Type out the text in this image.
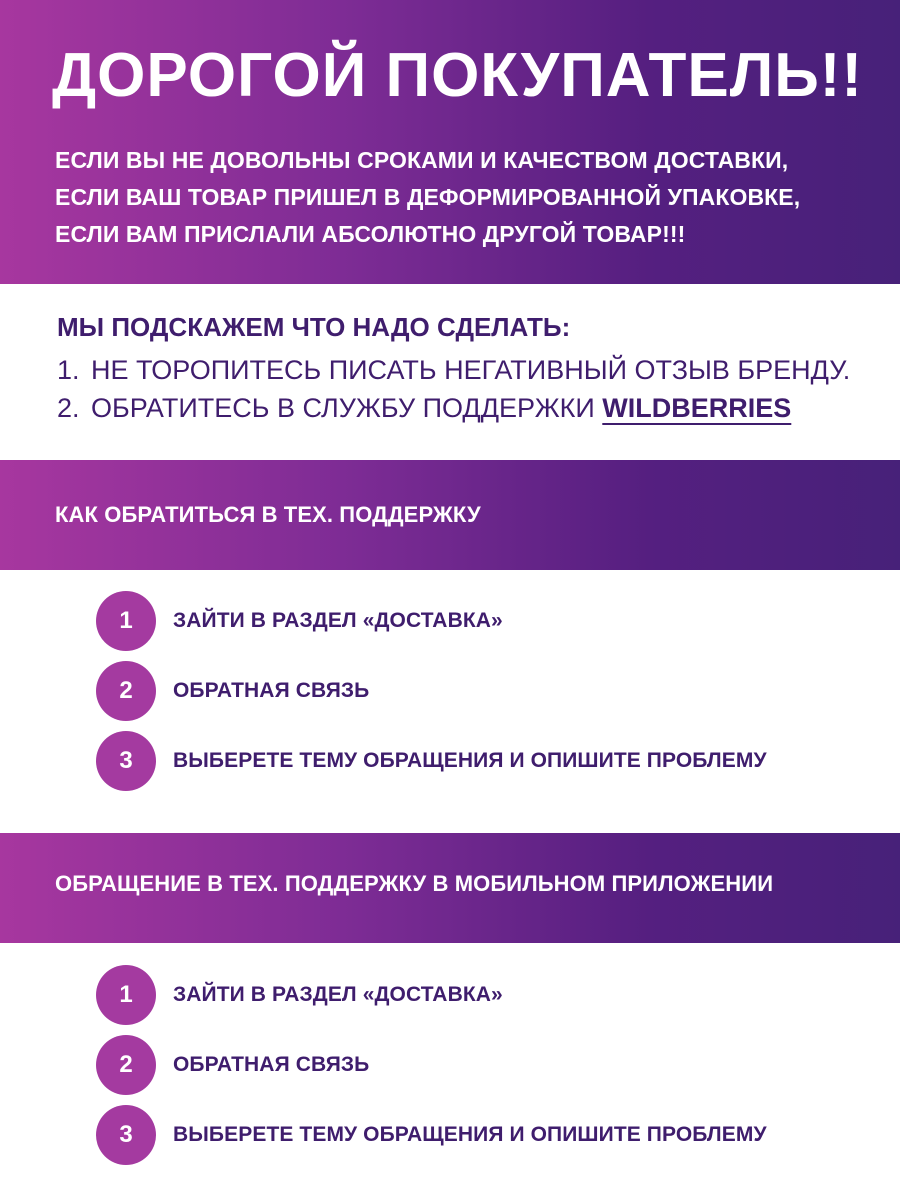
ДОРОГОЙ ПОКУПАТЕЛЬ!!
ЕСЛИ ВЫ НЕ ДОВОЛЬНЫ СРОКАМИ И КАЧЕСТВОМ ДОСТАВКИ,
ЕСЛИ ВАШ ТОВАР ПРИШЕЛ В ДЕФОРМИРОВАННОЙ УПАКОВКЕ,
ЕСЛИ ВАМ ПРИСЛАЛИ АБСОЛЮТНО ДРУГОЙ ТОВАР!!!
МЫ ПОДСКАЖЕМ ЧТО НАДО СДЕЛАТЬ:
1. НЕ ТОРОПИТЕСЬ ПИСАТЬ НЕГАТИВНЫЙ ОТЗЫВ БРЕНДУ.
2. ОБРАТИТЕСЬ В СЛУЖБУ ПОДДЕРЖКИ WILDBERRIES
КАК ОБРАТИТЬСЯ В ТЕХ. ПОДДЕРЖКУ
1	ЗАЙТИ В РАЗДЕЛ «ДОСТАВКА»
2	ОБРАТНАЯ СВЯЗЬ
3	ВЫБЕРЕТЕ ТЕМУ ОБРАЩЕНИЯ И ОПИШИТЕ ПРОБЛЕМУ
ОБРАЩЕНИЕ В ТЕХ. ПОДДЕРЖКУ В МОБИЛЬНОМ ПРИЛОЖЕНИИ
1	ЗАЙТИ В РАЗДЕЛ «ДОСТАВКА»
2	ОБРАТНАЯ СВЯЗЬ
3	ВЫБЕРЕТЕ ТЕМУ ОБРАЩЕНИЯ И ОПИШИТЕ ПРОБЛЕМУ
